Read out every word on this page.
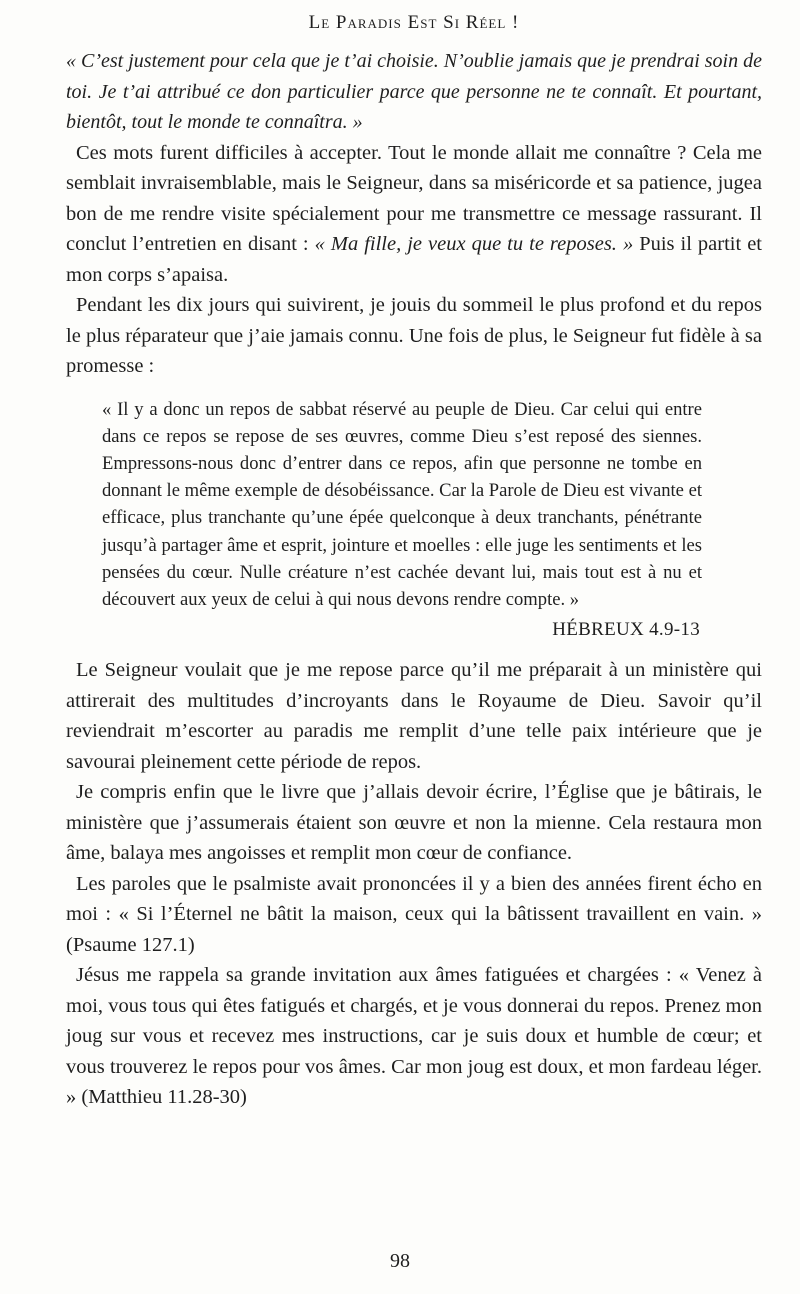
Le Paradis Est Si Réel !

« C’est justement pour cela que je t’ai choisie. N’oublie jamais que je prendrai soin de toi. Je t’ai attribué ce don particulier parce que personne ne te connaît. Et pourtant, bientôt, tout le monde te connaîtra. »

Ces mots furent difficiles à accepter. Tout le monde allait me connaître ? Cela me semblait invraisemblable, mais le Seigneur, dans sa miséricorde et sa patience, jugea bon de me rendre visite spécialement pour me transmettre ce message rassurant. Il conclut l’entretien en disant : « Ma fille, je veux que tu te reposes. » Puis il partit et mon corps s’apaisa.

Pendant les dix jours qui suivirent, je jouis du sommeil le plus profond et du repos le plus réparateur que j’aie jamais connu. Une fois de plus, le Seigneur fut fidèle à sa promesse :

« Il y a donc un repos de sabbat réservé au peuple de Dieu. Car celui qui entre dans ce repos se repose de ses œuvres, comme Dieu s’est reposé des siennes. Empressons-nous donc d’entrer dans ce repos, afin que personne ne tombe en donnant le même exemple de désobéissance. Car la Parole de Dieu est vivante et efficace, plus tranchante qu’une épée quelconque à deux tranchants, pénétrante jusqu’à partager âme et esprit, jointure et moelles : elle juge les sentiments et les pensées du cœur. Nulle créature n’est cachée devant lui, mais tout est à nu et découvert aux yeux de celui à qui nous devons rendre compte. »

HÉBREUX 4.9-13

Le Seigneur voulait que je me repose parce qu’il me préparait à un ministère qui attirerait des multitudes d’incroyants dans le Royaume de Dieu. Savoir qu’il reviendrait m’escorter au paradis me remplit d’une telle paix intérieure que je savourai pleinement cette période de repos.

Je compris enfin que le livre que j’allais devoir écrire, l’Église que je bâtirais, le ministère que j’assumerais étaient son œuvre et non la mienne. Cela restaura mon âme, balaya mes angoisses et remplit mon cœur de confiance.

Les paroles que le psalmiste avait prononcées il y a bien des années firent écho en moi : « Si l’Éternel ne bâtit la maison, ceux qui la bâtissent travaillent en vain. » (Psaume 127.1)

Jésus me rappela sa grande invitation aux âmes fatiguées et chargées : « Venez à moi, vous tous qui êtes fatigués et chargés, et je vous donnerai du repos. Prenez mon joug sur vous et recevez mes instructions, car je suis doux et humble de cœur; et vous trouverez le repos pour vos âmes. Car mon joug est doux, et mon fardeau léger. » (Matthieu 11.28-30)

98
